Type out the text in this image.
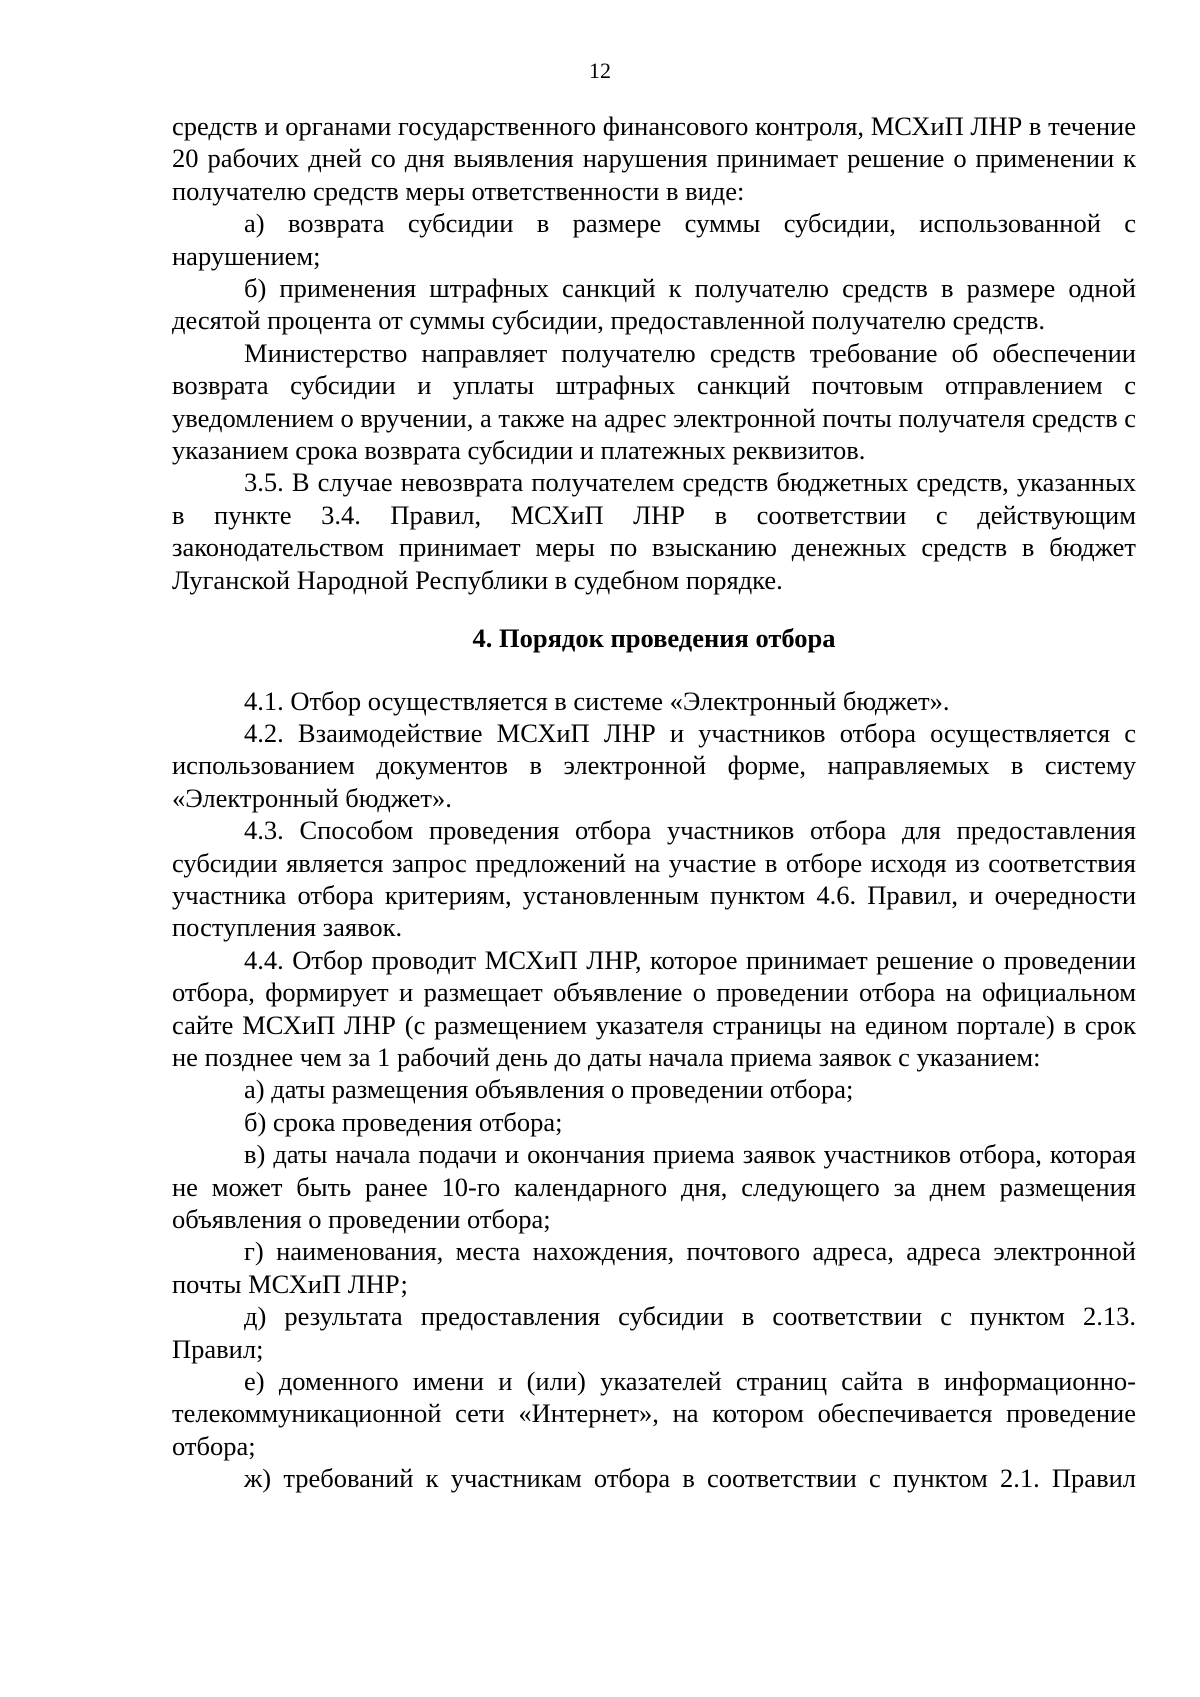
12

средств и органами государственного финансового контроля, МСХиП ЛНР в течение 20 рабочих дней со дня выявления нарушения принимает решение о применении к получателю средств меры ответственности в виде:

а) возврата субсидии в размере суммы субсидии, использованной с нарушением;

б) применения штрафных санкций к получателю средств в размере одной десятой процента от суммы субсидии, предоставленной получателю средств.

Министерство направляет получателю средств требование об обеспечении возврата субсидии и уплаты штрафных санкций почтовым отправлением с уведомлением о вручении, а также на адрес электронной почты получателя средств с указанием срока возврата субсидии и платежных реквизитов.

3.5. В случае невозврата получателем средств бюджетных средств, указанных в пункте 3.4. Правил, МСХиП ЛНР в соответствии с действующим законодательством принимает меры по взысканию денежных средств в бюджет Луганской Народной Республики в судебном порядке.

4. Порядок проведения отбора

4.1. Отбор осуществляется в системе «Электронный бюджет».

4.2. Взаимодействие МСХиП ЛНР и участников отбора осуществляется с использованием документов в электронной форме, направляемых в систему «Электронный бюджет».

4.3. Способом проведения отбора участников отбора для предоставления субсидии является запрос предложений на участие в отборе исходя из соответствия участника отбора критериям, установленным пунктом 4.6. Правил, и очередности поступления заявок.

4.4. Отбор проводит МСХиП ЛНР, которое принимает решение о проведении отбора, формирует и размещает объявление о проведении отбора на официальном сайте МСХиП ЛНР (с размещением указателя страницы на едином портале) в срок не позднее чем за 1 рабочий день до даты начала приема заявок с указанием:

а) даты размещения объявления о проведении отбора;

б) срока проведения отбора;

в) даты начала подачи и окончания приема заявок участников отбора, которая не может быть ранее 10-го календарного дня, следующего за днем размещения объявления о проведении отбора;

г) наименования, места нахождения, почтового адреса, адреса электронной почты МСХиП ЛНР;

д) результата предоставления субсидии в соответствии с пунктом 2.13. Правил;

е) доменного имени и (или) указателей страниц сайта в информационно-телекоммуникационной сети «Интернет», на котором обеспечивается проведение отбора;

ж) требований к участникам отбора в соответствии с пунктом 2.1. Правил
